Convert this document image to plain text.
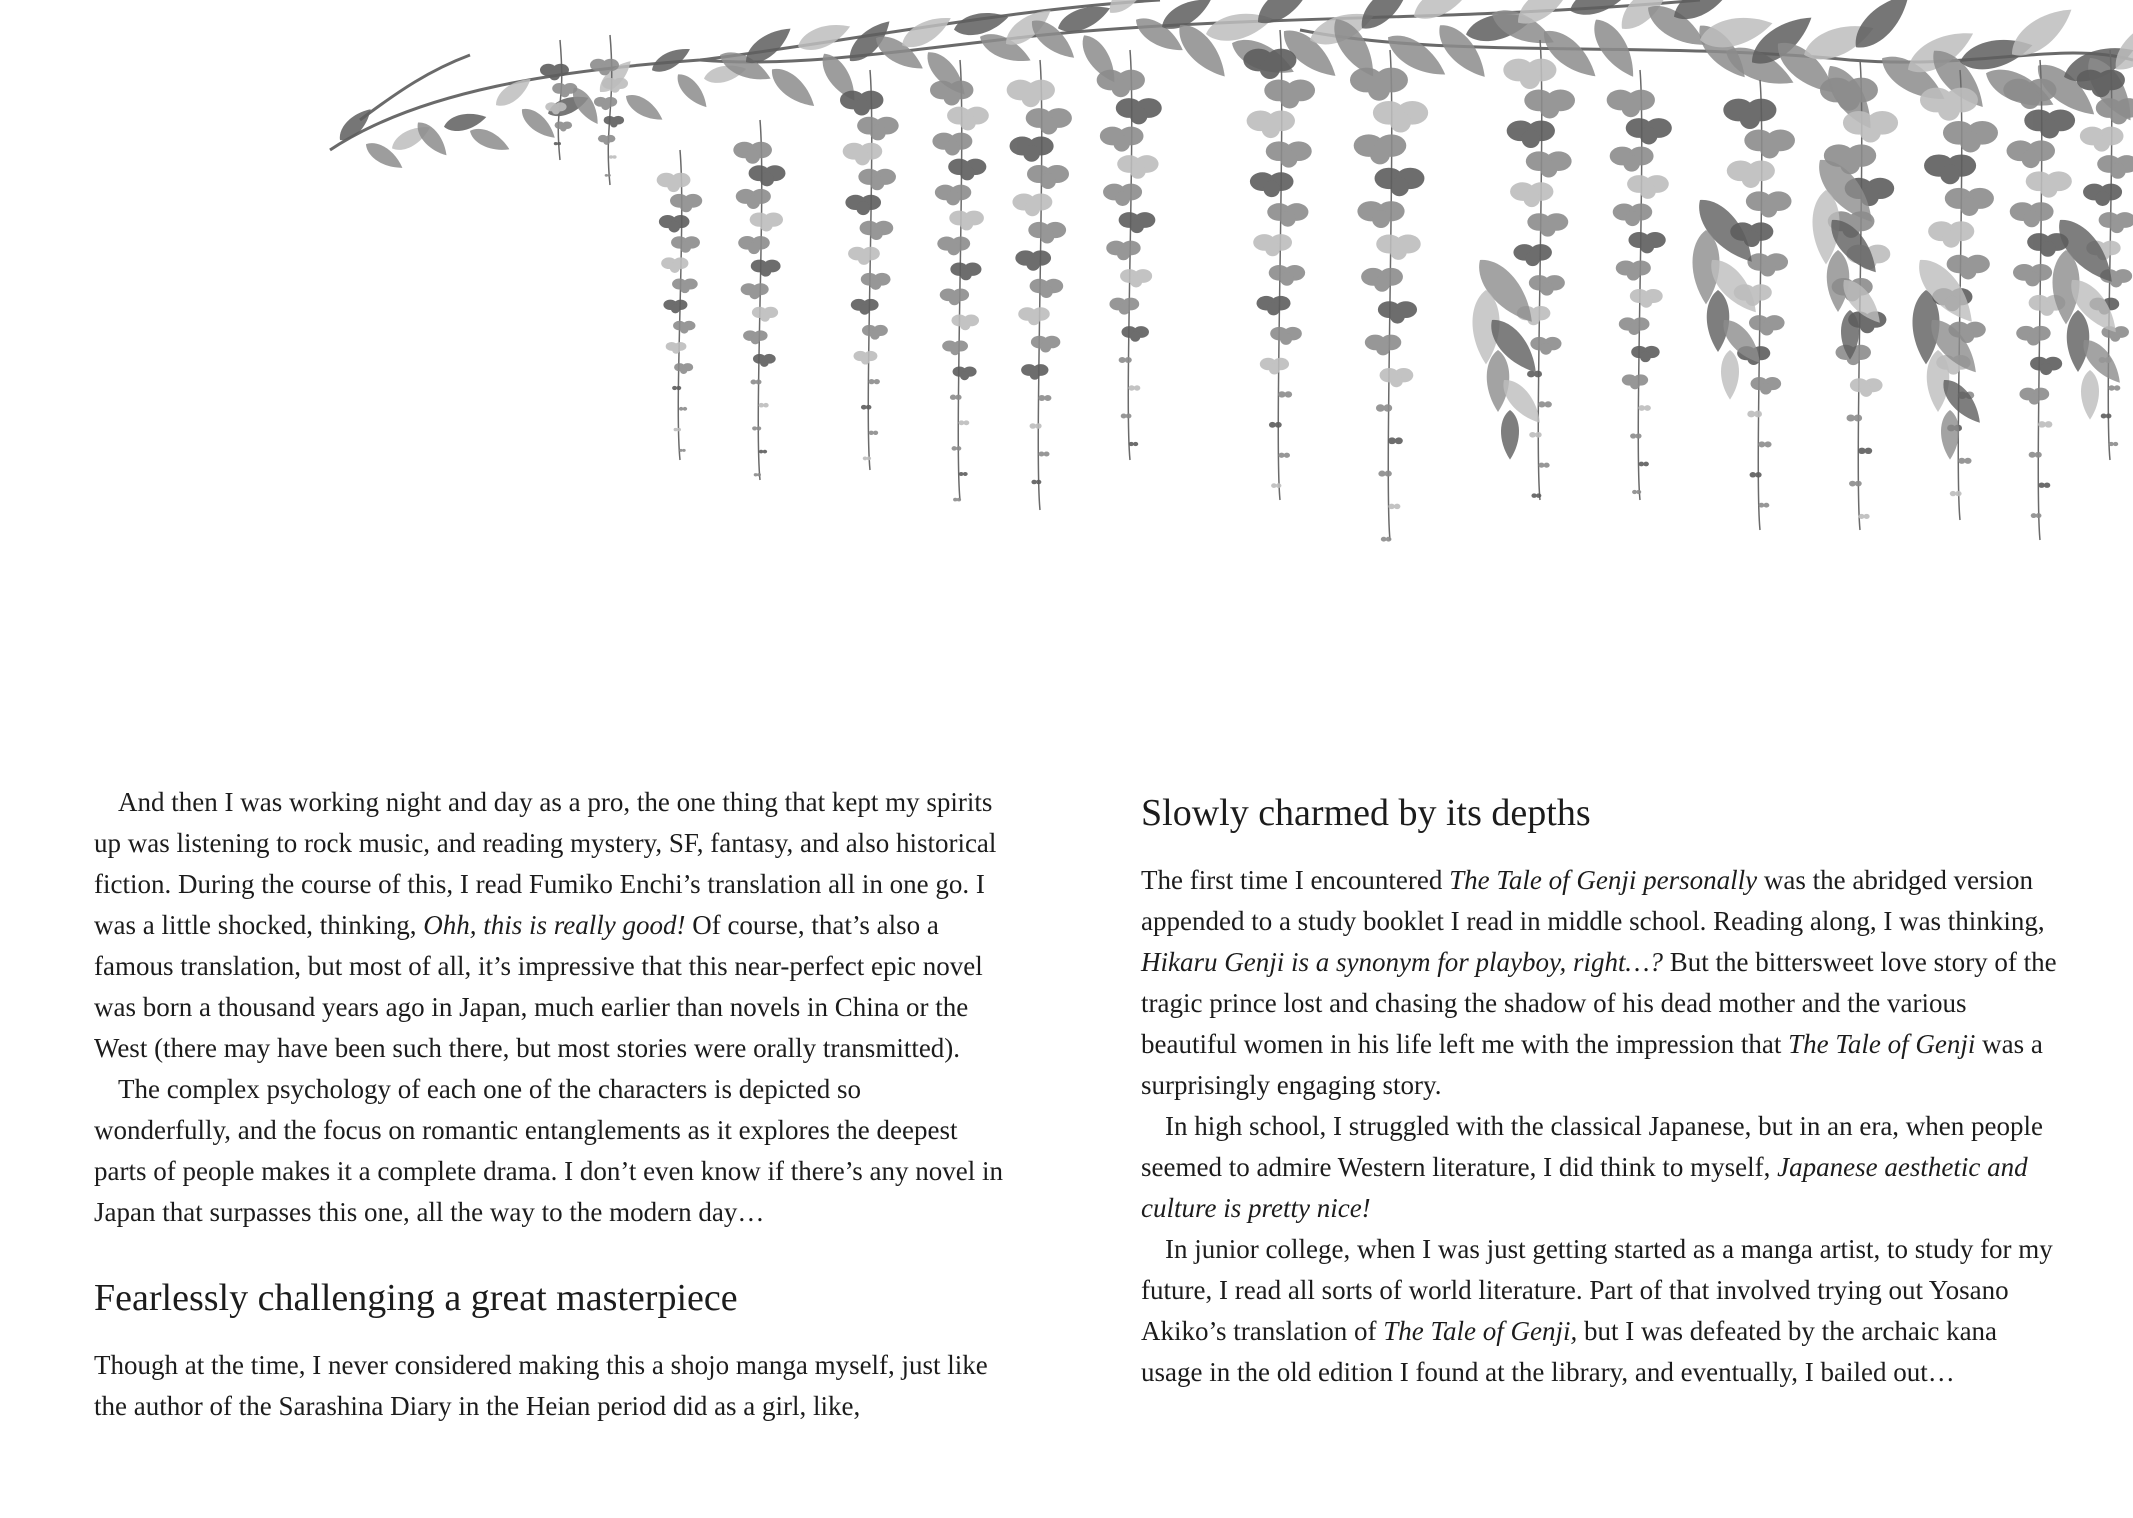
And then I was working night and day as a pro, the one thing that kept my spirits up was listening to rock music, and reading mystery, SF, fantasy, and also historical fiction. During the course of this, I read Fumiko Enchi’s translation all in one go. I was a little shocked, thinking, Ohh, this is really good! Of course, that’s also a famous translation, but most of all, it’s impressive that this near-perfect epic novel was born a thousand years ago in Japan, much earlier than novels in China or the West (there may have been such there, but most stories were orally transmitted).

The complex psychology of each one of the characters is depicted so wonderfully, and the focus on romantic entanglements as it explores the deepest parts of people makes it a complete drama. I don’t even know if there’s any novel in Japan that surpasses this one, all the way to the modern day…

Fearlessly challenging a great masterpiece

Though at the time, I never considered making this a shojo manga myself, just like the author of the Sarashina Diary in the Heian period did as a girl, like,

Slowly charmed by its depths

The first time I encountered The Tale of Genji personally was the abridged version appended to a study booklet I read in middle school. Reading along, I was thinking, Hikaru Genji is a synonym for playboy, right…? But the bittersweet love story of the tragic prince lost and chasing the shadow of his dead mother and the various beautiful women in his life left me with the impression that The Tale of Genji was a surprisingly engaging story.

In high school, I struggled with the classical Japanese, but in an era, when people seemed to admire Western literature, I did think to myself, Japanese aesthetic and culture is pretty nice!

In junior college, when I was just getting started as a manga artist, to study for my future, I read all sorts of world literature. Part of that involved trying out Yosano Akiko’s translation of The Tale of Genji, but I was defeated by the archaic kana usage in the old edition I found at the library, and eventually, I bailed out…
